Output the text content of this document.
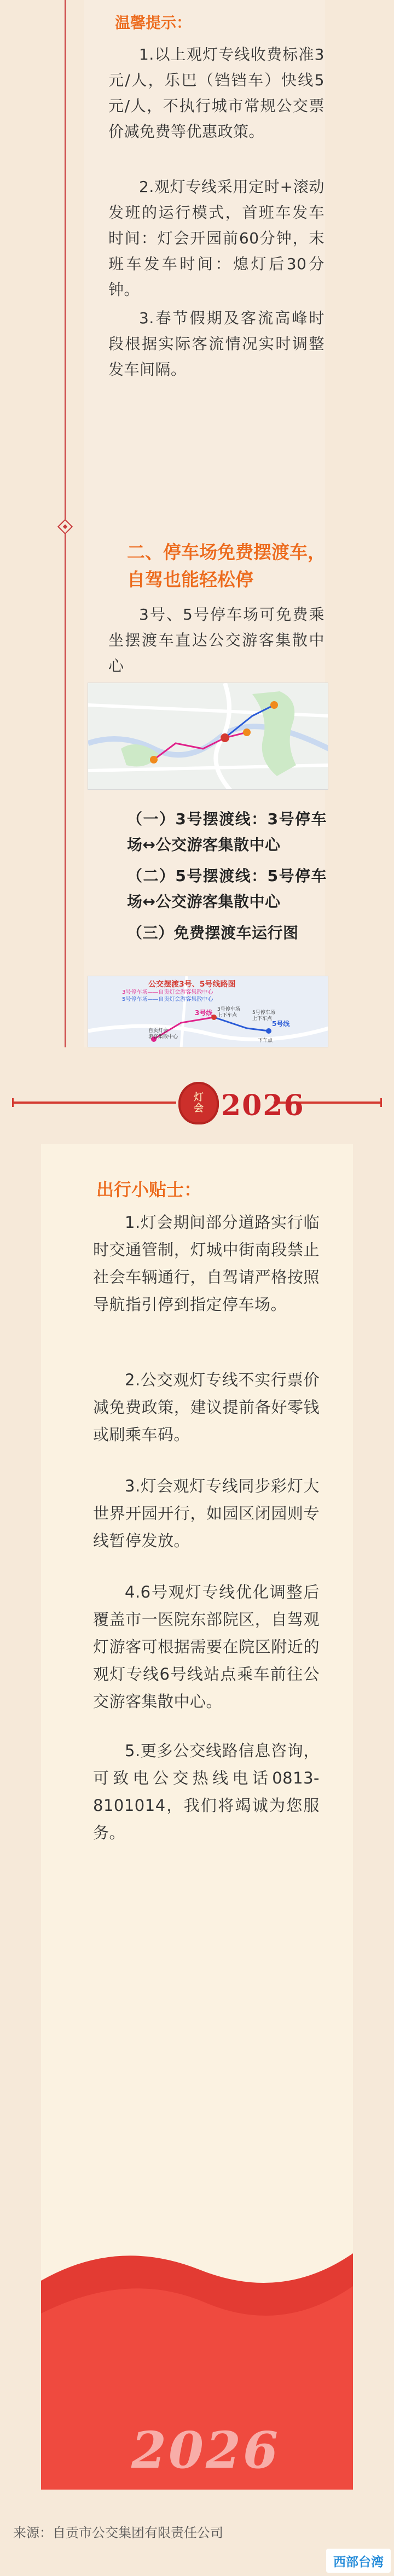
温馨提示：

1.以上观灯专线收费标准3元/人，乐巴（铛铛车）快线5元/人，不执行城市常规公交票价减免费等优惠政策。

2.观灯专线采用定时+滚动发班的运行模式，首班车发车时间：灯会开园前60分钟，末班车发车时间：熄灯后30分钟。

3.春节假期及客流高峰时段根据实际客流情况实时调整发车间隔。

二、停车场免费摆渡车，自驾也能轻松停

3号、5号停车场可免费乘坐摆渡车直达公交游客集散中心

（一）3号摆渡线：3号停车场↔公交游客集散中心

（二）5号摆渡线：5号停车场↔公交游客集散中心

（三）免费摆渡车运行图

公交摆渡3号、5号线路图
3号停车场——自贡灯会游客集散中心
5号停车场——自贡灯会游客集散中心
3号线 3号停车场
上下车点
5号线
5号停车场
上下车点
自贡灯会
游客集散中心
下车点
灯
会 2026
出行小贴士：

1.灯会期间部分道路实行临时交通管制，灯城中街南段禁止社会车辆通行，自驾请严格按照导航指引停到指定停车场。

2.公交观灯专线不实行票价减免费政策，建议提前备好零钱或刷乘车码。

3.灯会观灯专线同步彩灯大世界开园开行，如园区闭园则专线暂停发放。

4.6号观灯专线优化调整后覆盖市一医院东部院区，自驾观灯游客可根据需要在院区附近的观灯专线6号线站点乘车前往公交游客集散中心。

5.更多公交线路信息咨询，可致电公交热线电话0813-8101014，我们将竭诚为您服务。

2026
来源：自贡市公交集团有限责任公司
西部台湾
